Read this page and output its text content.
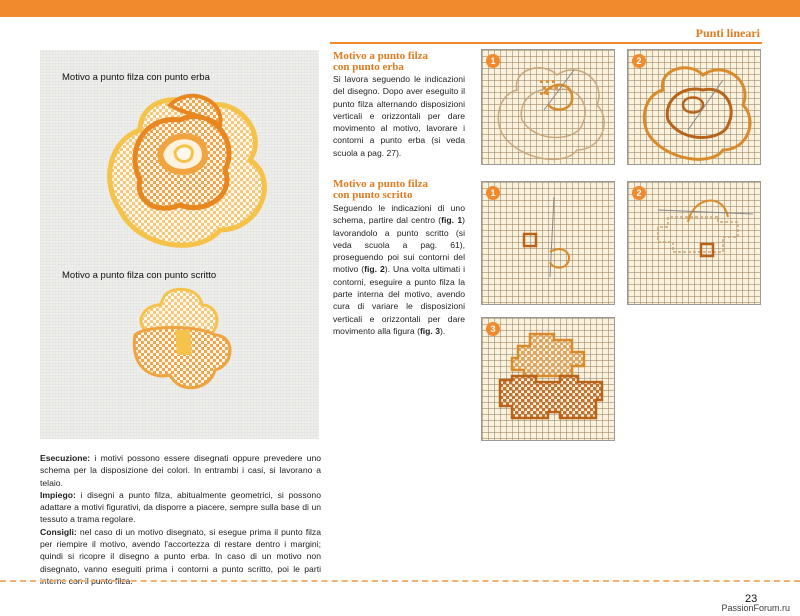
Punti lineari
Motivo a punto filza con punto erba
Motivo a punto filza con punto scritto

Esecuzione: i motivi possono essere disegnati oppure prevedere uno schema per la disposizione dei colori. In entrambi i casi, si lavorano a telaio.

Impiego: i disegni a punto filza, abitualmente geometrici, si possono adattare a motivi figurativi, da disporre a piacere, sempre sulla base di un tessuto a trama regolare.

Consigli: nel caso di un motivo disegnato, si esegue prima il punto filza per riempire il motivo, avendo l'accortezza di restare dentro i margini; quindi si ricopre il disegno a punto erba. In caso di un motivo non disegnato, vanno eseguiti prima i contorni a punto scritto, poi le parti interne con il punto filza.

Motivo a punto filza
con punto erba
Si lavora seguendo le indicazioni del disegno. Dopo aver eseguito il punto filza alternando disposizioni verticali e orizzontali per dare movimento al motivo, lavorare i contorni a punto erba (si veda scuola a pag. 27).
Motivo a punto filza
con punto scritto
Seguendo le indicazioni di uno schema, partire dal centro (fig. 1) lavorandolo a punto scritto (si veda scuola a pag. 61), proseguendo poi sui contorni del motivo (fig. 2). Una volta ultimati i contorni, eseguire a punto filza la parte interna del motivo, avendo cura di variare le disposizioni verticali e orizzontali per dare movimento alla figura (fig. 3).
1	2
1	2
3
23
PassionForum.ru
